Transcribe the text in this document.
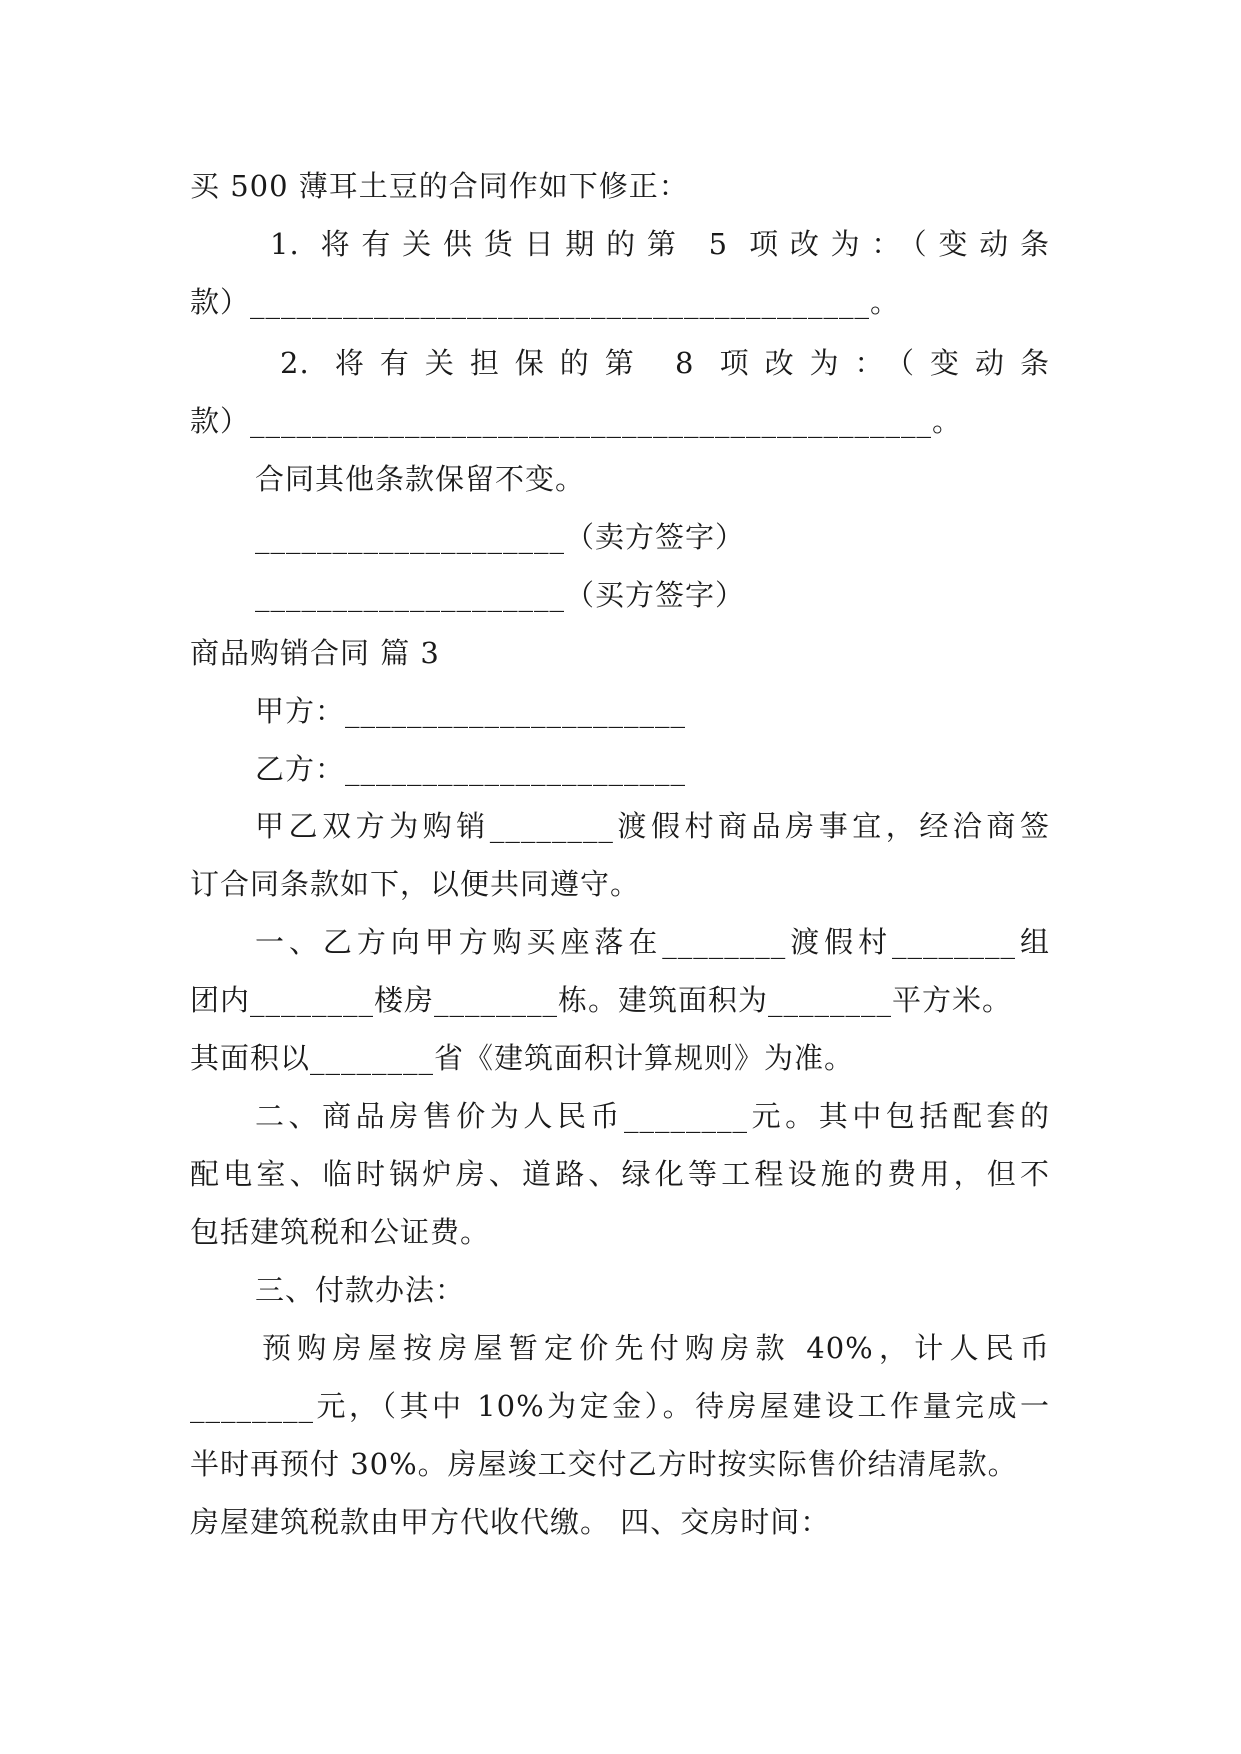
买 500 薄耳土豆的合同作如下修正：
1. 将有关供货日期的第 5 项改为：（变动条
款）________________________________________。
2. 将有关担保的第 8 项改为：（变动条
款）____________________________________________。
合同其他条款保留不变。
____________________（卖方签字）
____________________（买方签字）
商品购销合同 篇 3
甲方：______________________
乙方：______________________
甲乙双方为购销________渡假村商品房事宜，经洽商签
订合同条款如下，以便共同遵守。
一、乙方向甲方购买座落在________渡假村________组
团内________楼房________栋。建筑面积为________平方米。
其面积以________省《建筑面积计算规则》为准。
二、商品房售价为人民币________元。其中包括配套的
配电室、临时锅炉房、道路、绿化等工程设施的费用，但不
包括建筑税和公证费。
三、付款办法：
预购房屋按房屋暂定价先付购房款 40%，计人民币
________元，（其中 10%为定金）。待房屋建设工作量完成一
半时再预付 30%。房屋竣工交付乙方时按实际售价结清尾款。
房屋建筑税款由甲方代收代缴。 四、交房时间：
